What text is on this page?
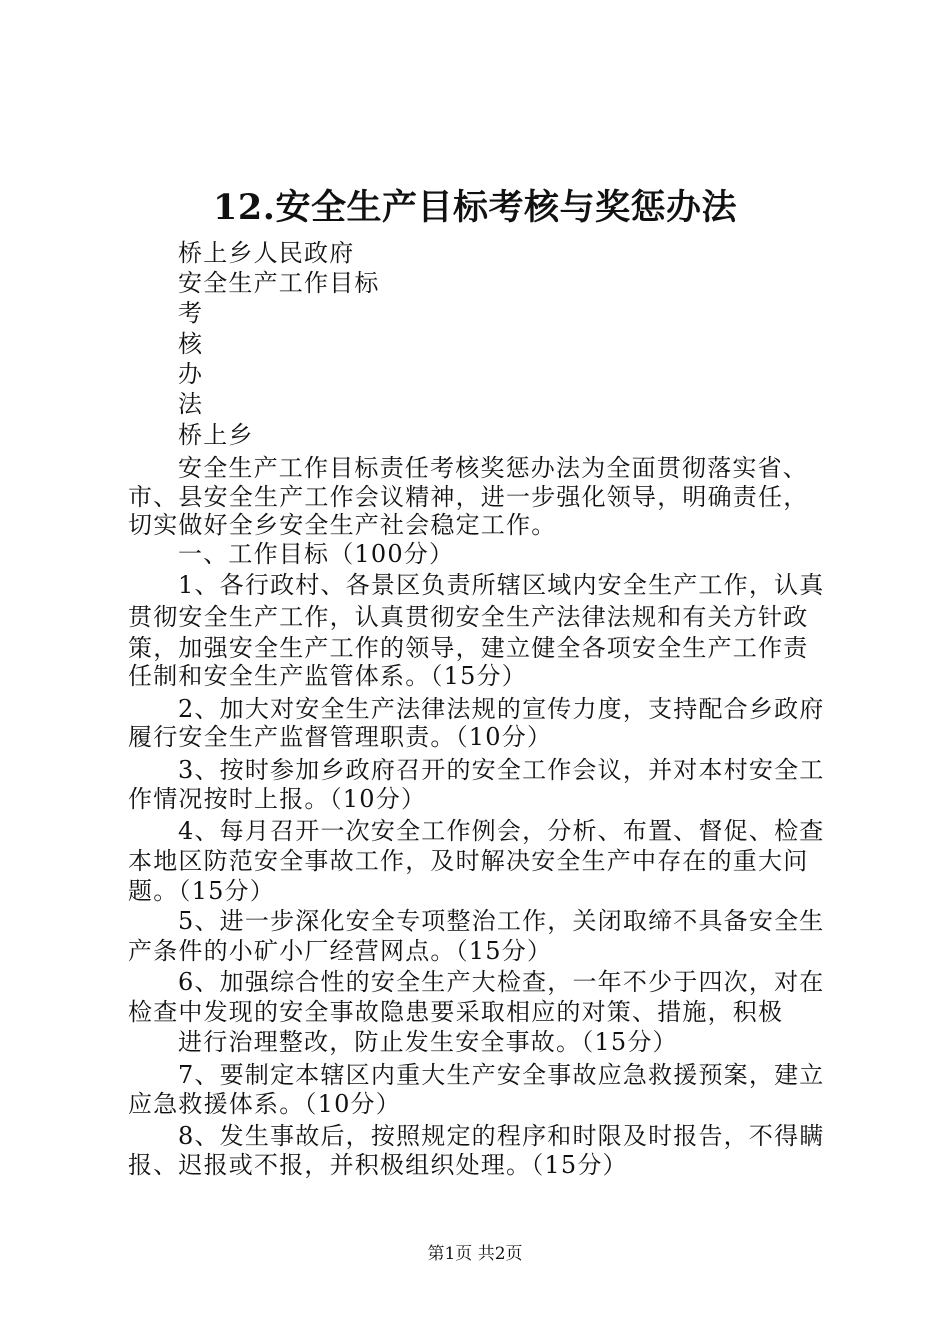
12.安全生产目标考核与奖惩办法
桥上乡人民政府
安全生产工作目标
考
核
办
法
桥上乡
安全生产工作目标责任考核奖惩办法为全面贯彻落实省、
市、县安全生产工作会议精神，进一步强化领导，明确责任，
切实做好全乡安全生产社会稳定工作。
一、工作目标（100分）
1、各行政村、各景区负责所辖区域内安全生产工作，认真
贯彻安全生产工作，认真贯彻安全生产法律法规和有关方针政
策，加强安全生产工作的领导，建立健全各项安全生产工作责
任制和安全生产监管体系。（15分）
2、加大对安全生产法律法规的宣传力度，支持配合乡政府
履行安全生产监督管理职责。（10分）
3、按时参加乡政府召开的安全工作会议，并对本村安全工
作情况按时上报。（10分）
4、每月召开一次安全工作例会，分析、布置、督促、检查
本地区防范安全事故工作，及时解决安全生产中存在的重大问
题。（15分）
5、进一步深化安全专项整治工作，关闭取缔不具备安全生
产条件的小矿小厂经营网点。（15分）
6、加强综合性的安全生产大检查，一年不少于四次，对在
检查中发现的安全事故隐患要采取相应的对策、措施，积极
进行治理整改，防止发生安全事故。（15分）
7、要制定本辖区内重大生产安全事故应急救援预案，建立
应急救援体系。（10分）
8、发生事故后，按照规定的程序和时限及时报告，不得瞒
报、迟报或不报，并积极组织处理。（15分）
第1页 共2页
